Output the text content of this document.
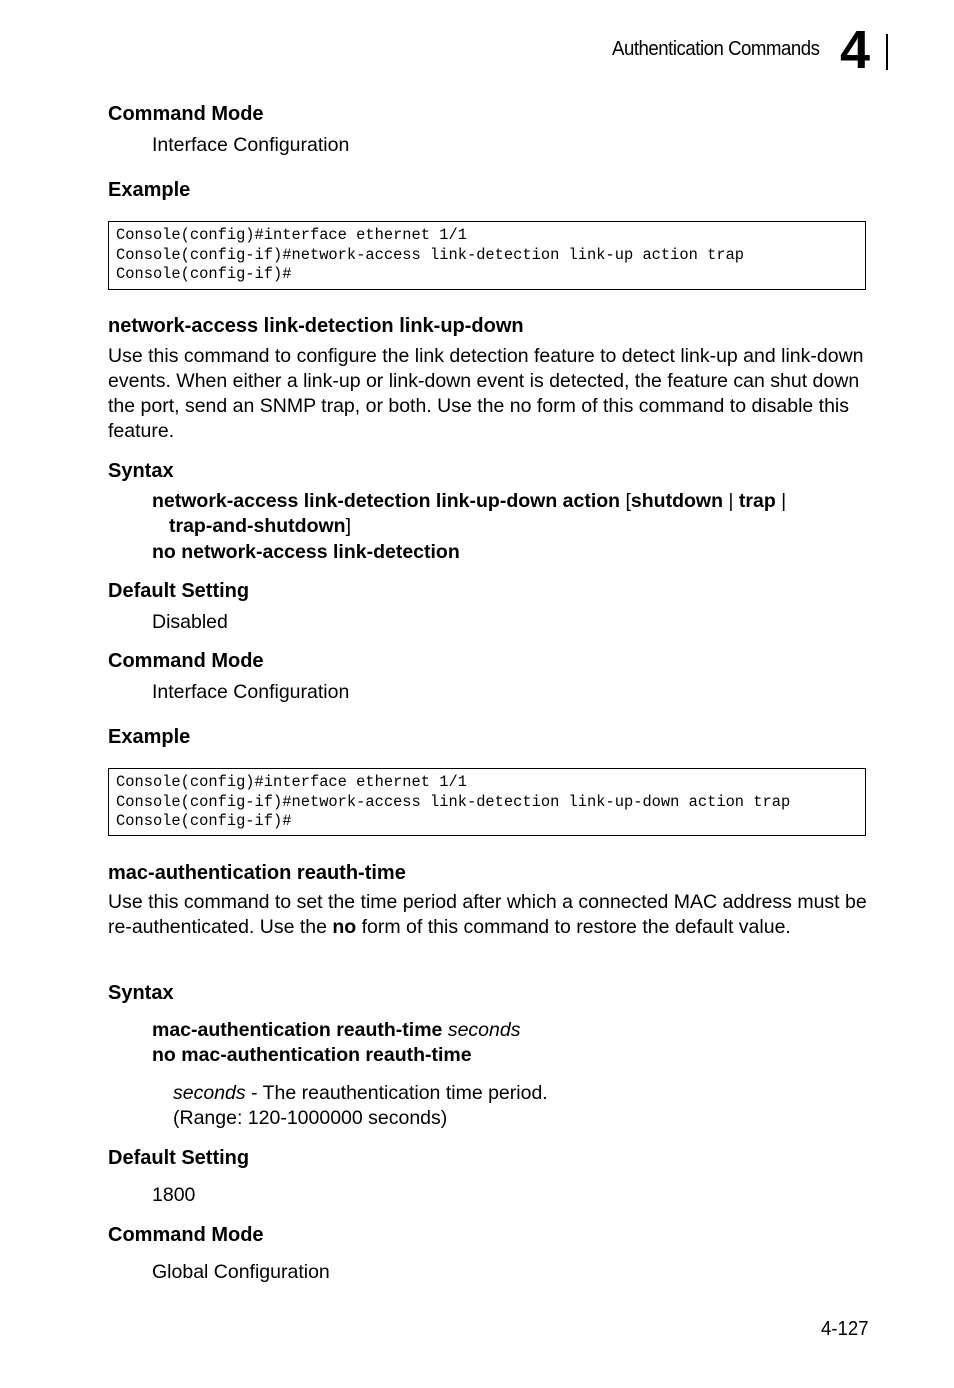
Authentication Commands 4
Command Mode
Interface Configuration
Example
Console(config)#interface ethernet 1/1
Console(config-if)#network-access link-detection link-up action trap
Console(config-if)#
network-access link-detection link-up-down
Use this command to configure the link detection feature to detect link-up and link-down events. When either a link-up or link-down event is detected, the feature can shut down the port, send an SNMP trap, or both. Use the no form of this command to disable this feature.
Syntax
network-access link-detection link-up-down action [shutdown | trap |
trap-and-shutdown]
no network-access link-detection
Default Setting
Disabled
Command Mode
Interface Configuration
Example
Console(config)#interface ethernet 1/1
Console(config-if)#network-access link-detection link-up-down action trap
Console(config-if)#
mac-authentication reauth-time
Use this command to set the time period after which a connected MAC address must be re-authenticated. Use the no form of this command to restore the default value.
Syntax
mac-authentication reauth-time seconds
no mac-authentication reauth-time
seconds - The reauthentication time period.
(Range: 120-1000000 seconds)
Default Setting
1800
Command Mode
Global Configuration
4-127
